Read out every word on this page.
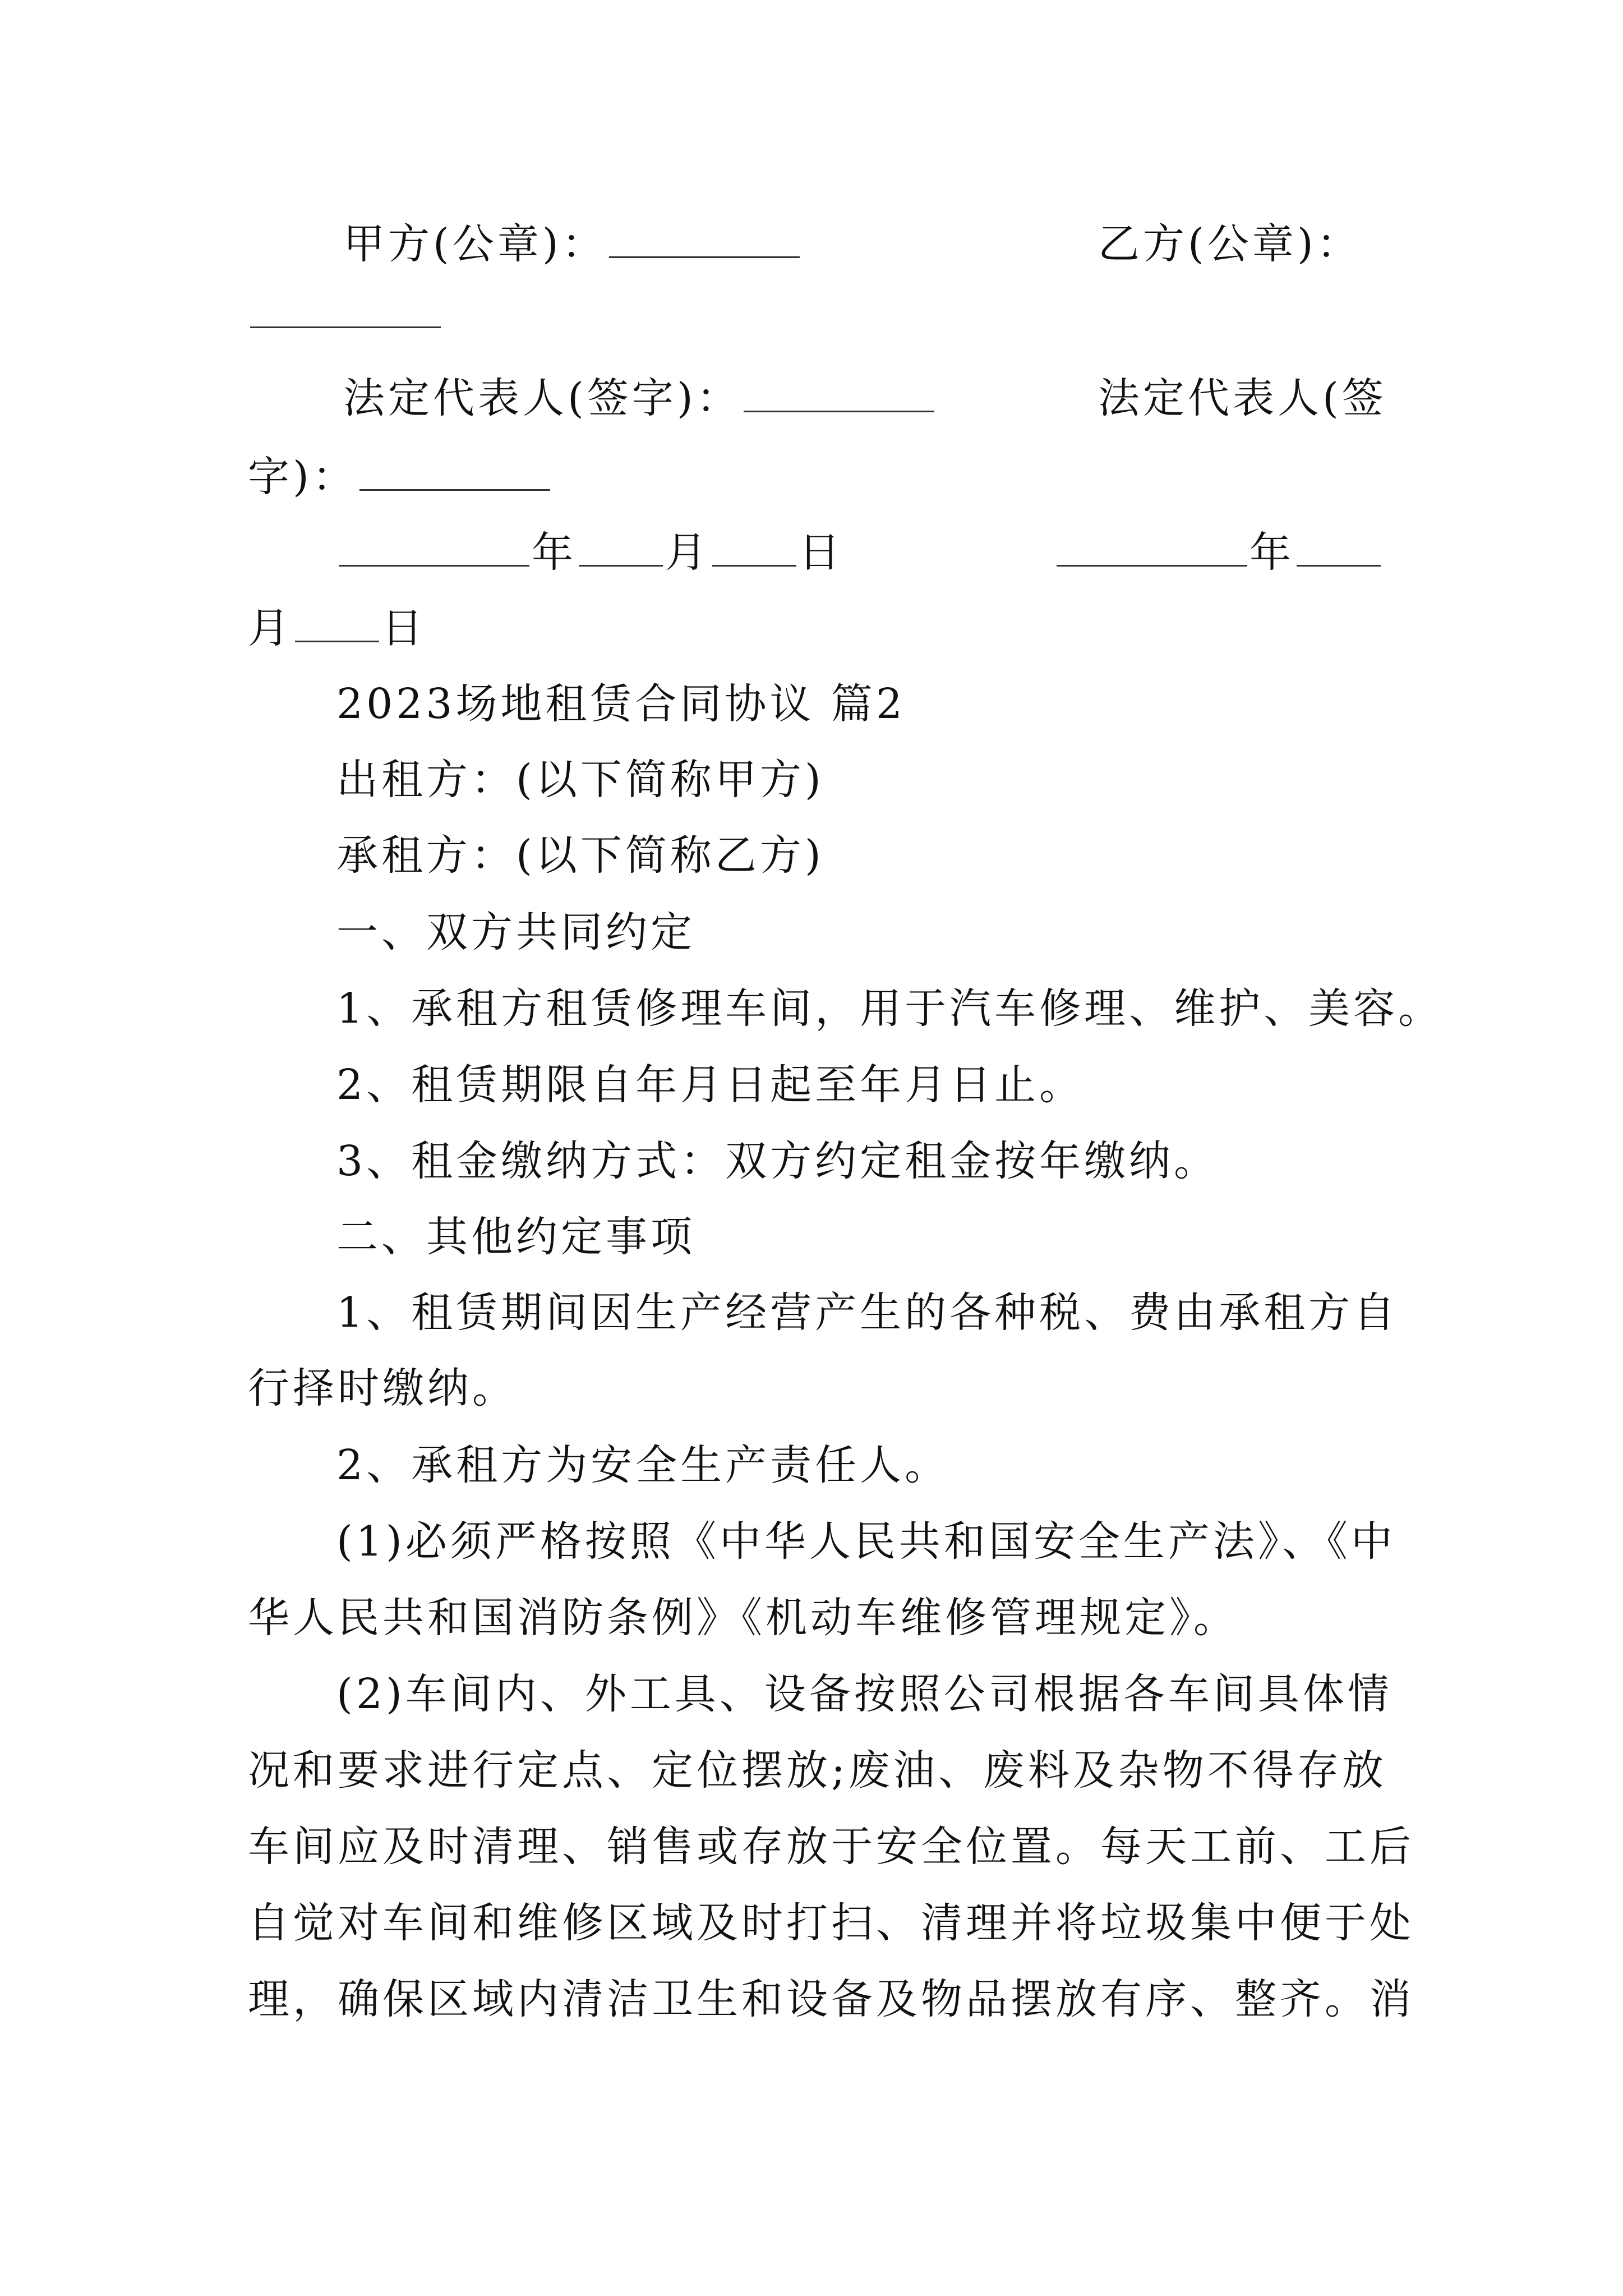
甲方(公章)：	乙方(公章)：
法定代表人(签字)：	法定代表人(签
字)：
年 月 日	年
月 日
2023场地租赁合同协议 篇2
出租方：(以下简称甲方)
承租方：(以下简称乙方)
一、双方共同约定
1、承租方租赁修理车间，用于汽车修理、维护、美容。
2、租赁期限自年月日起至年月日止。
3、租金缴纳方式：双方约定租金按年缴纳。
二、其他约定事项
1、租赁期间因生产经营产生的各种税、费由承租方自
行择时缴纳。
2、承租方为安全生产责任人。
(1)必须严格按照《中华人民共和国安全生产法》、《中
华人民共和国消防条例》《机动车维修管理规定》。
(2)车间内、外工具、设备按照公司根据各车间具体情
况和要求进行定点、定位摆放;废油、废料及杂物不得存放
车间应及时清理、销售或存放于安全位置。每天工前、工后
自觉对车间和维修区域及时打扫、清理并将垃圾集中便于处
理，确保区域内清洁卫生和设备及物品摆放有序、整齐。消
